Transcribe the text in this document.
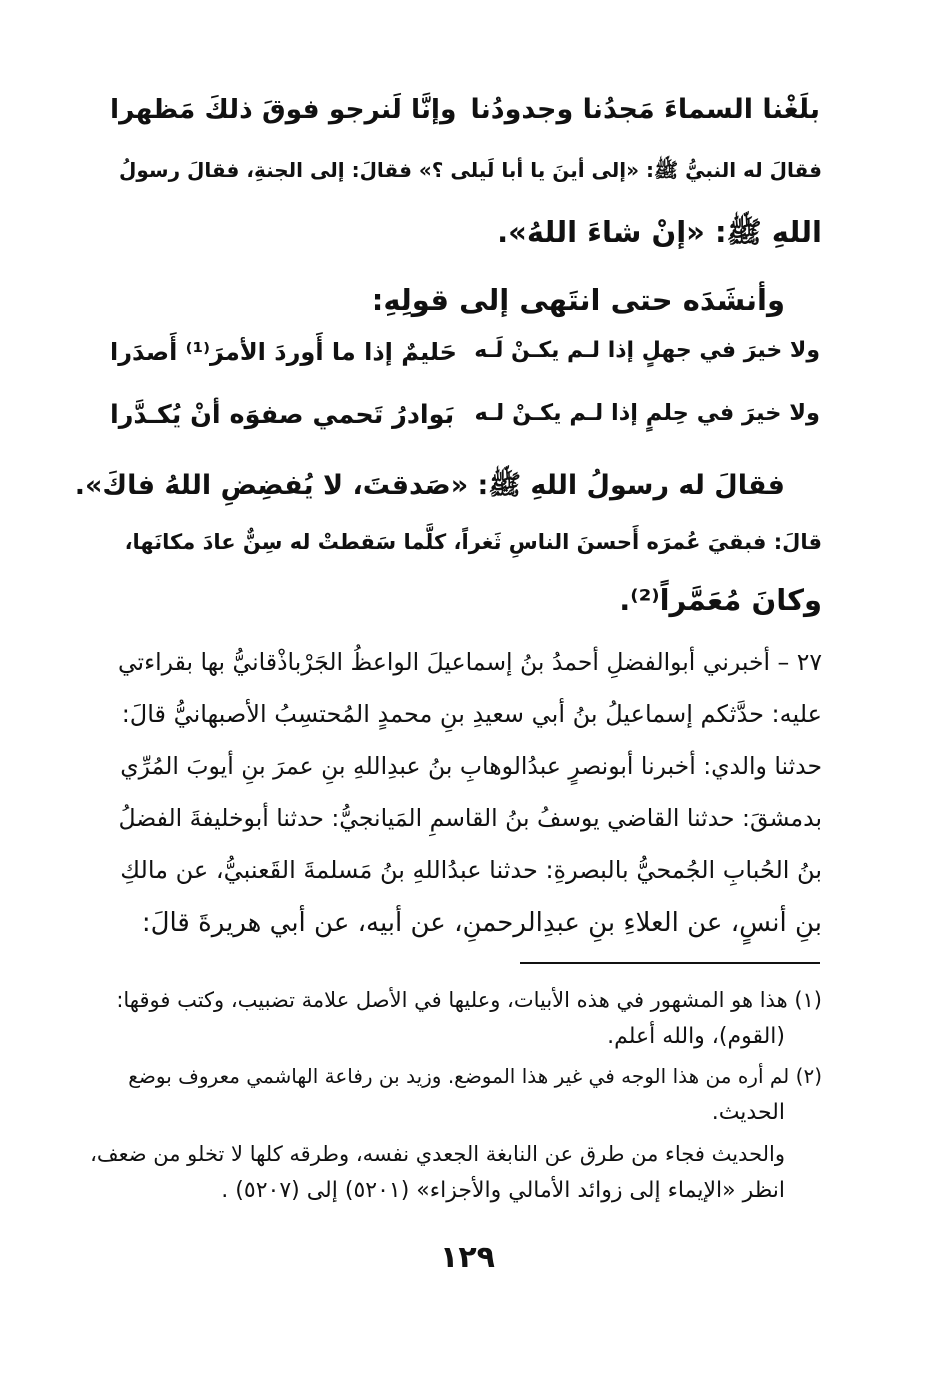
بلَغْنا السماءَ مَجدُنا وجدودُنا
وإنَّا لَنرجو فوقَ ذلكَ مَظهرا
فقالَ له النبيُّ ﷺ: «إلى أينَ يا أبا لَيلى ؟» فقالَ: إلى الجنةِ، فقالَ رسولُ
اللهِ ﷺ: «إنْ شاءَ اللهُ».
وأنشَدَه حتى انتَهى إلى قولِهِ:
ولا خيرَ في جهلٍ إذا لـم يكـنْ لَـه
حَليمٌ إذا ما أَوردَ الأمرَ⁽¹⁾ أَصدَرا
ولا خيرَ في حِلمٍ إذا لـم يكـنْ لـه
بَوادرُ تَحمي صفوَه أنْ يُكـدَّرا
فقالَ له رسولُ اللهِ ﷺ: «صَدقتَ، لا يُفضِضِ اللهُ فاكَ».
قالَ: فبقيَ عُمرَه أَحسنَ الناسِ ثَغراً، كلَّما سَقطتْ له سِنٌّ عادَ مكانَها،
وكانَ مُعَمَّراً⁽²⁾.
٢٧ – أخبرني أبوالفضلِ أحمدُ بنُ إسماعيلَ الواعظُ الجَرْباذْقانيُّ بها بقراءتي
عليه: حدَّثكم إسماعيلُ بنُ أبي سعيدِ بنِ محمدٍ المُحتسِبُ الأصبهانيُّ قالَ:
حدثنا والدي: أخبرنا أبونصرٍ عبدُالوهابِ بنُ عبدِاللهِ بنِ عمرَ بنِ أيوبَ المُرِّي
بدمشقَ: حدثنا القاضي يوسفُ بنُ القاسمِ المَيانجيُّ: حدثنا أبوخليفةَ الفضلُ
بنُ الحُبابِ الجُمحيُّ بالبصرةِ: حدثنا عبدُاللهِ بنُ مَسلمةَ القَعنبيُّ، عن مالكِ
بنِ أنسٍ، عن العلاءِ بنِ عبدِالرحمنِ، عن أبيه، عن أبي هريرةَ قالَ:
(١) هذا هو المشهور في هذه الأبيات، وعليها في الأصل علامة تضبيب، وكتب فوقها:
(القوم)، والله أعلم.
(٢) لم أره من هذا الوجه في غير هذا الموضع. وزيد بن رفاعة الهاشمي معروف بوضع
الحديث.
والحديث فجاء من طرق عن النابغة الجعدي نفسه، وطرقه كلها لا تخلو من ضعف،
انظر «الإيماء إلى زوائد الأمالي والأجزاء» (٥٢٠١) إلى (٥٢٠٧) .
١٢٩
